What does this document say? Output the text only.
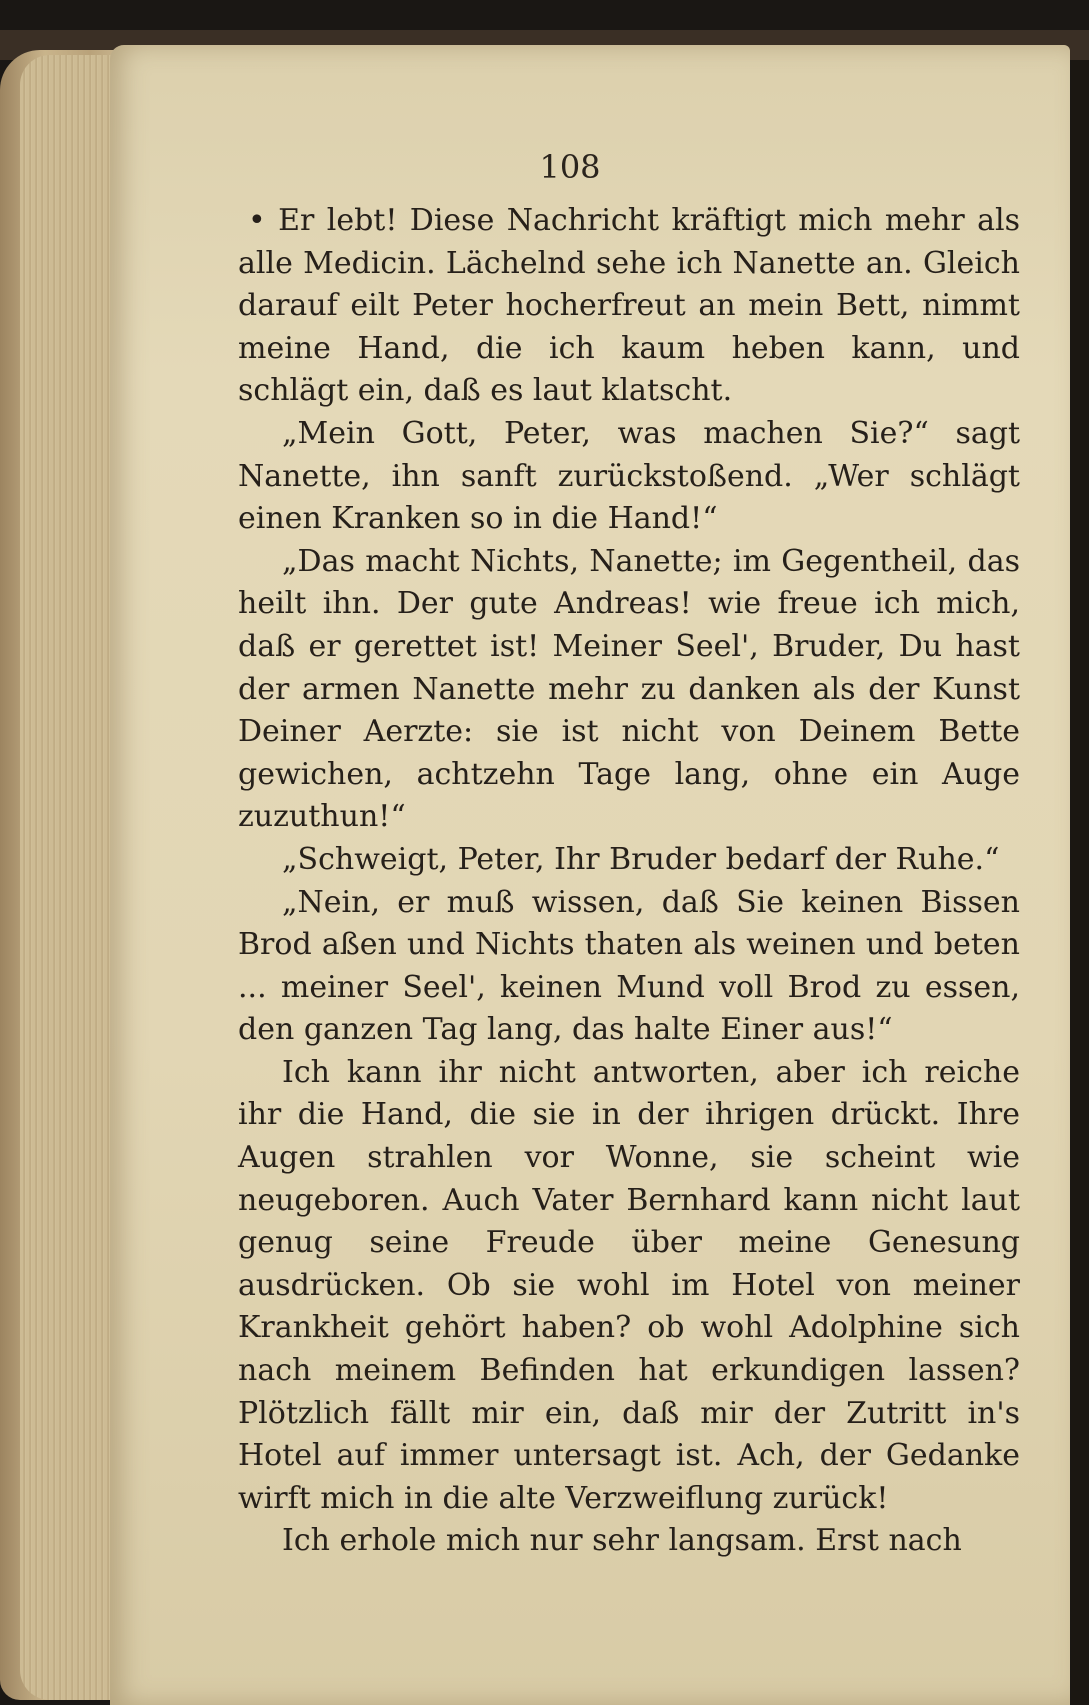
108

• Er lebt! Diese Nachricht kräftigt mich mehr als alle Medicin. Lächelnd sehe ich Nanette an. Gleich darauf eilt Peter hocherfreut an mein Bett, nimmt meine Hand, die ich kaum heben kann, und schlägt ein, daß es laut klatscht.

„Mein Gott, Peter, was machen Sie?“ sagt Nanette, ihn sanft zurückstoßend. „Wer schlägt einen Kranken so in die Hand!“

„Das macht Nichts, Nanette; im Gegentheil, das heilt ihn. Der gute Andreas! wie freue ich mich, daß er gerettet ist! Meiner Seel', Bruder, Du hast der armen Nanette mehr zu danken als der Kunst Deiner Aerzte: sie ist nicht von Deinem Bette gewichen, achtzehn Tage lang, ohne ein Auge zuzuthun!“

„Schweigt, Peter, Ihr Bruder bedarf der Ruhe.“

„Nein, er muß wissen, daß Sie keinen Bissen Brod aßen und Nichts thaten als weinen und beten ... meiner Seel', keinen Mund voll Brod zu essen, den ganzen Tag lang, das halte Einer aus!“

Ich kann ihr nicht antworten, aber ich reiche ihr die Hand, die sie in der ihrigen drückt. Ihre Augen strahlen vor Wonne, sie scheint wie neugeboren. Auch Vater Bernhard kann nicht laut genug seine Freude über meine Genesung ausdrücken. Ob sie wohl im Hotel von meiner Krankheit gehört haben? ob wohl Adolphine sich nach meinem Befinden hat erkundigen lassen? Plötzlich fällt mir ein, daß mir der Zutritt in's Hotel auf immer untersagt ist. Ach, der Gedanke wirft mich in die alte Verzweiflung zurück!

Ich erhole mich nur sehr langsam. Erst nach
